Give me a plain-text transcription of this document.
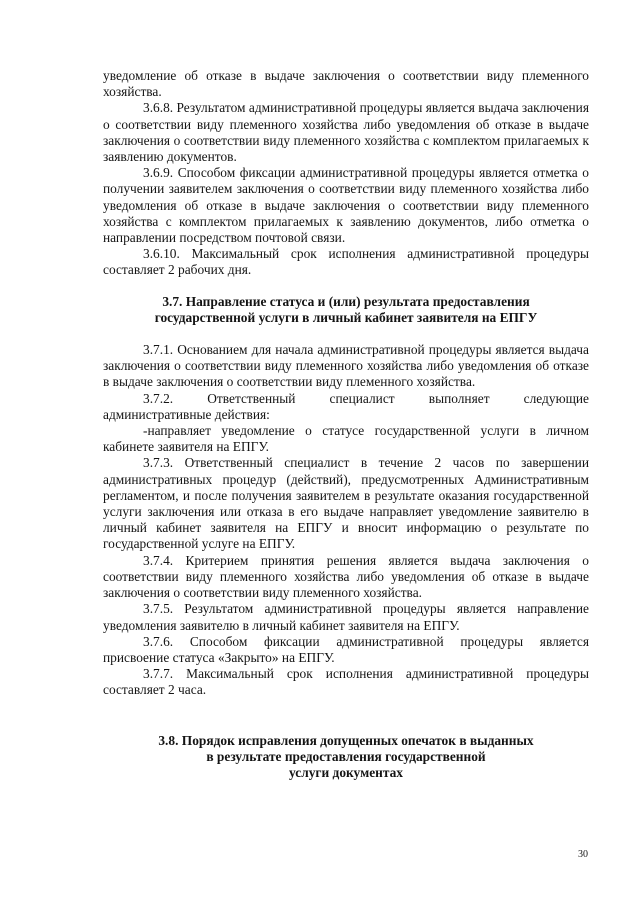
уведомление об отказе в выдаче заключения о соответствии виду племенного хозяйства.

3.6.8. Результатом административной процедуры является выдача заключения о соответствии виду племенного хозяйства либо уведомления об отказе в выдаче заключения о соответствии виду племенного хозяйства с комплектом прилагаемых к заявлению документов.

3.6.9. Способом фиксации административной процедуры является отметка о получении заявителем заключения о соответствии виду племенного хозяйства либо уведомления об отказе в выдаче заключения о соответствии виду племенного хозяйства с комплектом прилагаемых к заявлению документов, либо отметка о направлении посредством почтовой связи.

3.6.10. Максимальный срок исполнения административной процедуры составляет 2 рабочих дня.

3.7. Направление статуса и (или) результата предоставления
государственной услуги в личный кабинет заявителя на ЕПГУ

3.7.1. Основанием для начала административной процедуры является выдача заключения о соответствии виду племенного хозяйства либо уведомления об отказе в выдаче заключения о соответствии виду племенного хозяйства.

3.7.2. Ответственный специалист выполняет следующие

административные действия:

-направляет уведомление о статусе государственной услуги в личном кабинете заявителя на ЕПГУ.

3.7.3. Ответственный специалист в течение 2 часов по завершении административных процедур (действий), предусмотренных Административным регламентом, и после получения заявителем в результате оказания государственной услуги заключения или отказа в его выдаче направляет уведомление заявителю в личный кабинет заявителя на ЕПГУ и вносит информацию о результате по государственной услуге на ЕПГУ.

3.7.4. Критерием принятия решения является выдача заключения о соответствии виду племенного хозяйства либо уведомления об отказе в выдаче заключения о соответствии виду племенного хозяйства.

3.7.5. Результатом административной процедуры является направление уведомления заявителю в личный кабинет заявителя на ЕПГУ.

3.7.6. Способом фиксации административной процедуры является присвоение статуса «Закрыто» на ЕПГУ.

3.7.7. Максимальный срок исполнения административной процедуры составляет 2 часа.

3.8. Порядок исправления допущенных опечаток в выданных
в результате предоставления государственной
услуги документах
30
